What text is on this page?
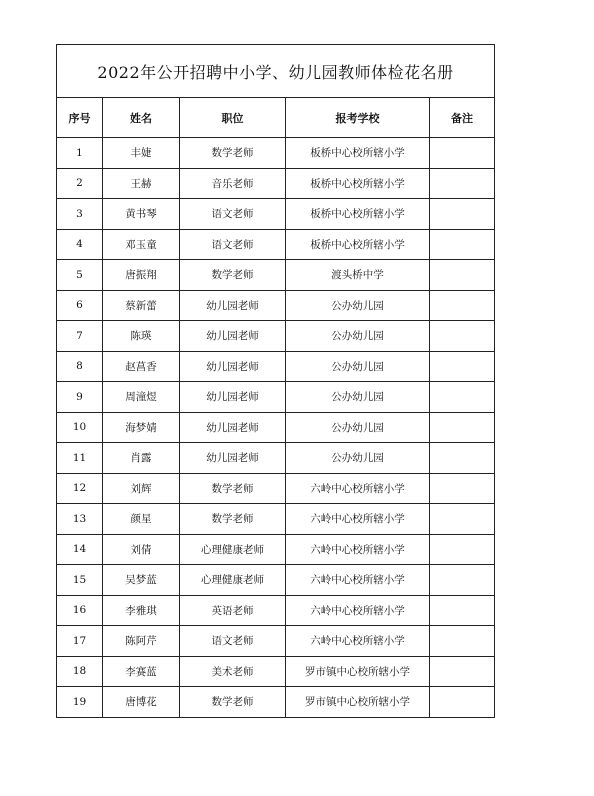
2022年公开招聘中小学、幼儿园教师体检花名册				
序号	姓名	职位	报考学校	备注
1	丰婕	数学老师	板桥中心校所辖小学	
2	王赫	音乐老师	板桥中心校所辖小学	
3	黄书琴	语文老师	板桥中心校所辖小学	
4	邓玉童	语文老师	板桥中心校所辖小学	
5	唐振翔	数学老师	渡头桥中学	
6	蔡新蕾	幼儿园老师	公办幼儿园	
7	陈瑛	幼儿园老师	公办幼儿园	
8	赵菖香	幼儿园老师	公办幼儿园	
9	周潼煜	幼儿园老师	公办幼儿园	
10	海梦婧	幼儿园老师	公办幼儿园	
11	肖露	幼儿园老师	公办幼儿园	
12	刘辉	数学老师	六岭中心校所辖小学	
13	颜星	数学老师	六岭中心校所辖小学	
14	刘倩	心理健康老师	六岭中心校所辖小学	
15	吴梦蓝	心理健康老师	六岭中心校所辖小学	
16	李雅琪	英语老师	六岭中心校所辖小学	
17	陈阿芹	语文老师	六岭中心校所辖小学	
18	李赛蓝	美术老师	罗市镇中心校所辖小学	
19	唐博花	数学老师	罗市镇中心校所辖小学	
